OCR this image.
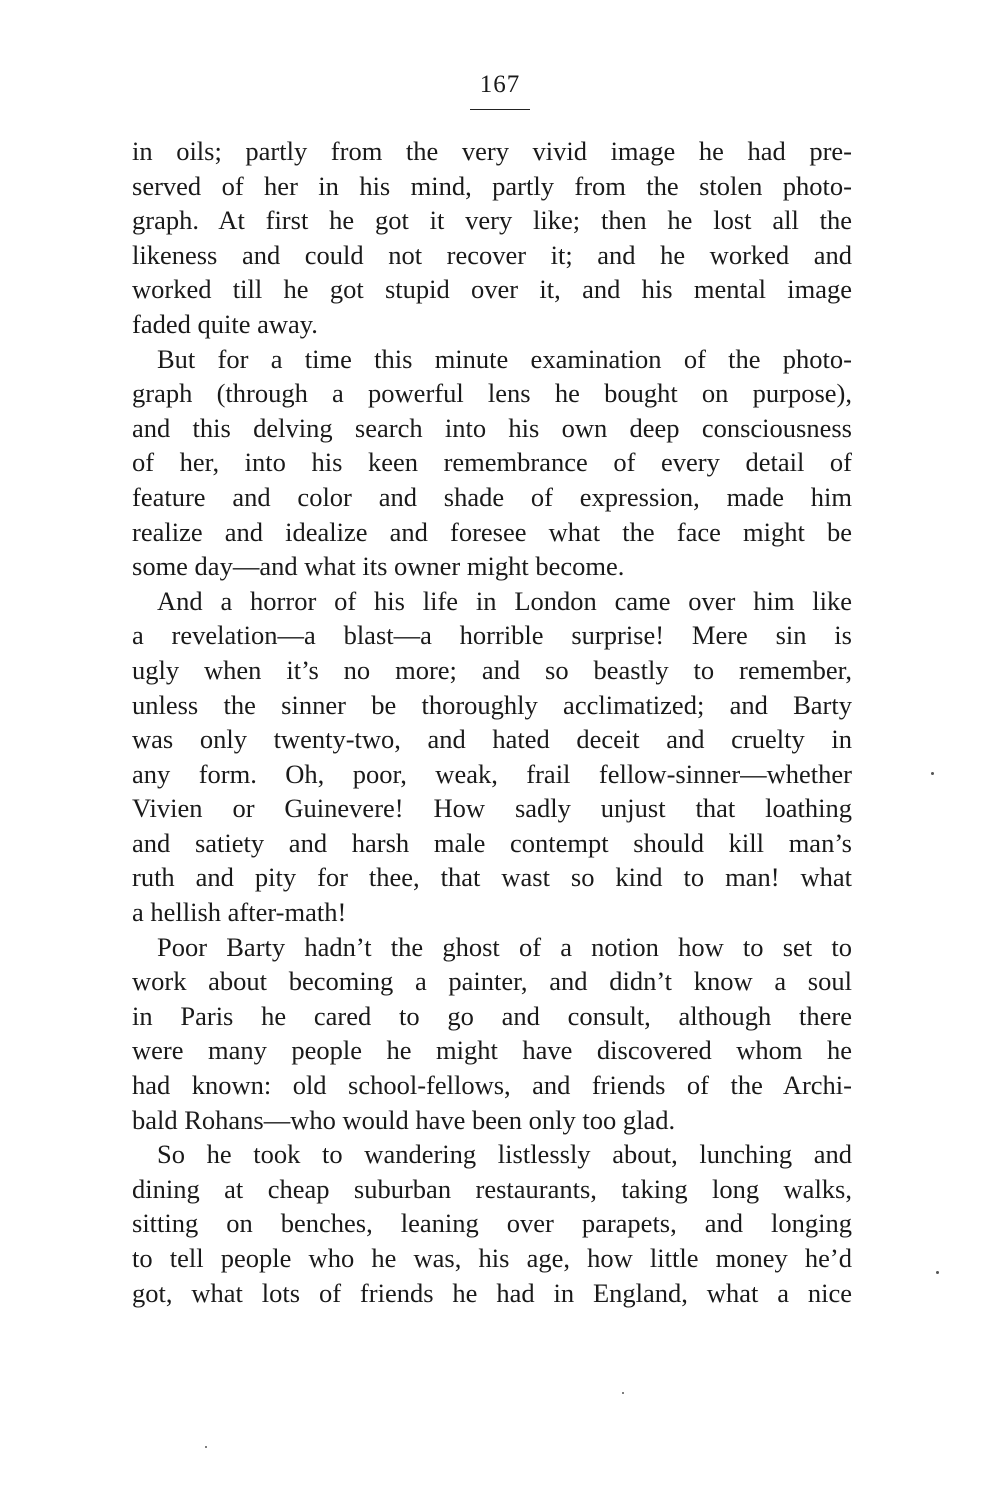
167
in oils; partly from the very vivid image he had pre-
served of her in his mind, partly from the stolen photo-
graph. At first he got it very like; then he lost all the
likeness and could not recover it; and he worked and
worked till he got stupid over it, and his mental image
faded quite away.
But for a time this minute examination of the photo-
graph (through a powerful lens he bought on purpose),
and this delving search into his own deep consciousness
of her, into his keen remembrance of every detail of
feature and color and shade of expression, made him
realize and idealize and foresee what the face might be
some day—and what its owner might become.
And a horror of his life in London came over him like
a revelation—a blast—a horrible surprise! Mere sin is
ugly when it’s no more; and so beastly to remember,
unless the sinner be thoroughly acclimatized; and Barty
was only twenty-two, and hated deceit and cruelty in
any form. Oh, poor, weak, frail fellow-sinner—whether
Vivien or Guinevere! How sadly unjust that loathing
and satiety and harsh male contempt should kill man’s
ruth and pity for thee, that wast so kind to man! what
a hellish after-math!
Poor Barty hadn’t the ghost of a notion how to set to
work about becoming a painter, and didn’t know a soul
in Paris he cared to go and consult, although there
were many people he might have discovered whom he
had known: old school-fellows, and friends of the Archi-
bald Rohans—who would have been only too glad.
So he took to wandering listlessly about, lunching and
dining at cheap suburban restaurants, taking long walks,
sitting on benches, leaning over parapets, and longing
to tell people who he was, his age, how little money he’d
got, what lots of friends he had in England, what a nice
